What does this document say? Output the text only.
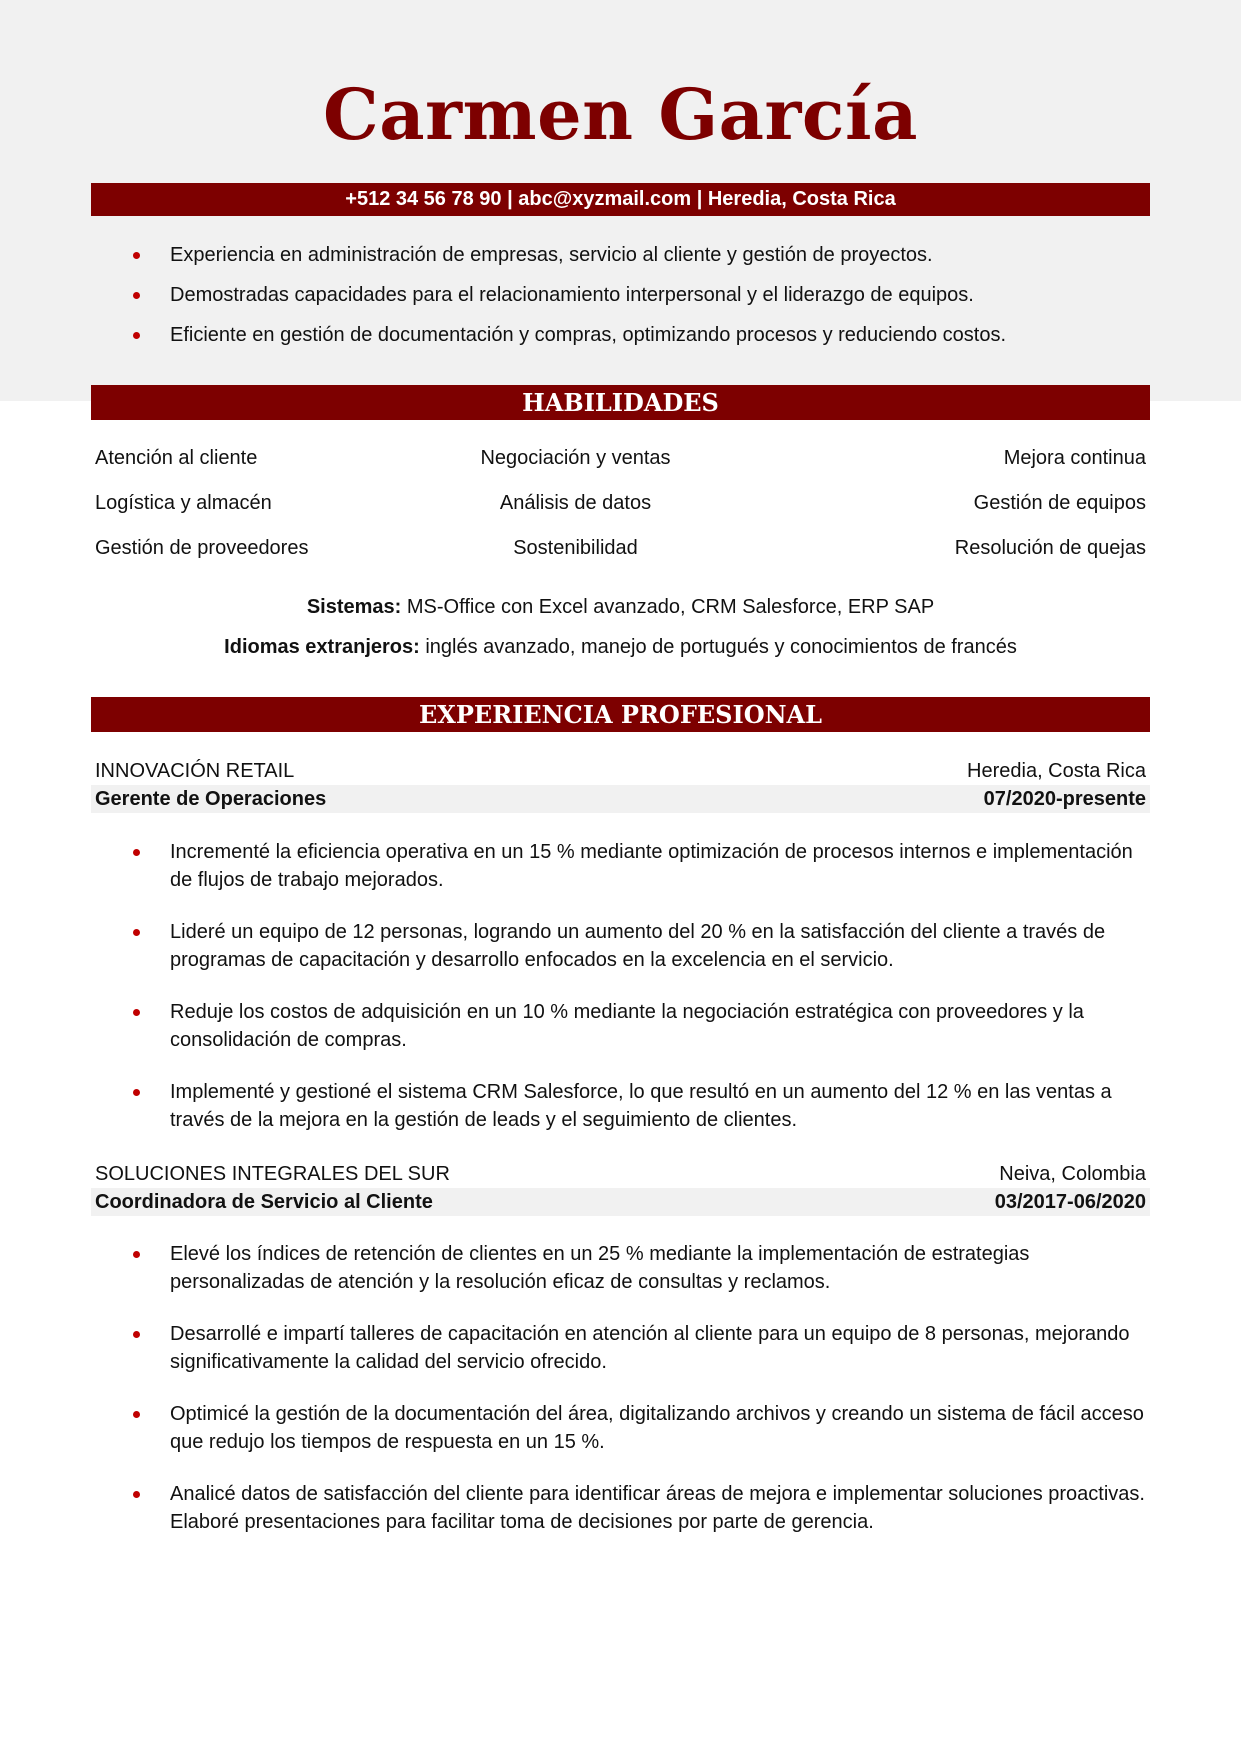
Carmen García
+512 34 56 78 90 | abc@xyzmail.com | Heredia, Costa Rica
Experiencia en administración de empresas, servicio al cliente y gestión de proyectos.
Demostradas capacidades para el relacionamiento interpersonal y el liderazgo de equipos.
Eficiente en gestión de documentación y compras, optimizando procesos y reduciendo costos.
HABILIDADES
Atención al cliente	Negociación y ventas	Mejora continua
Logística y almacén	Análisis de datos	Gestión de equipos
Gestión de proveedores	Sostenibilidad	Resolución de quejas
Sistemas: MS-Office con Excel avanzado, CRM Salesforce, ERP SAP
Idiomas extranjeros: inglés avanzado, manejo de portugués y conocimientos de francés
EXPERIENCIA PROFESIONAL
INNOVACIÓN RETAIL	Heredia, Costa Rica
Gerente de Operaciones	07/2020-presente
Incrementé la eficiencia operativa en un 15 % mediante optimización de procesos internos e implementación de flujos de trabajo mejorados.
Lideré un equipo de 12 personas, logrando un aumento del 20 % en la satisfacción del cliente a través de programas de capacitación y desarrollo enfocados en la excelencia en el servicio.
Reduje los costos de adquisición en un 10 % mediante la negociación estratégica con proveedores y la consolidación de compras.
Implementé y gestioné el sistema CRM Salesforce, lo que resultó en un aumento del 12 % en las ventas a través de la mejora en la gestión de leads y el seguimiento de clientes.
SOLUCIONES INTEGRALES DEL SUR	Neiva, Colombia
Coordinadora de Servicio al Cliente	03/2017-06/2020
Elevé los índices de retención de clientes en un 25 % mediante la implementación de estrategias personalizadas de atención y la resolución eficaz de consultas y reclamos.
Desarrollé e impartí talleres de capacitación en atención al cliente para un equipo de 8 personas, mejorando significativamente la calidad del servicio ofrecido.
Optimicé la gestión de la documentación del área, digitalizando archivos y creando un sistema de fácil acceso que redujo los tiempos de respuesta en un 15 %.
Analicé datos de satisfacción del cliente para identificar áreas de mejora e implementar soluciones proactivas. Elaboré presentaciones para facilitar toma de decisiones por parte de gerencia.
